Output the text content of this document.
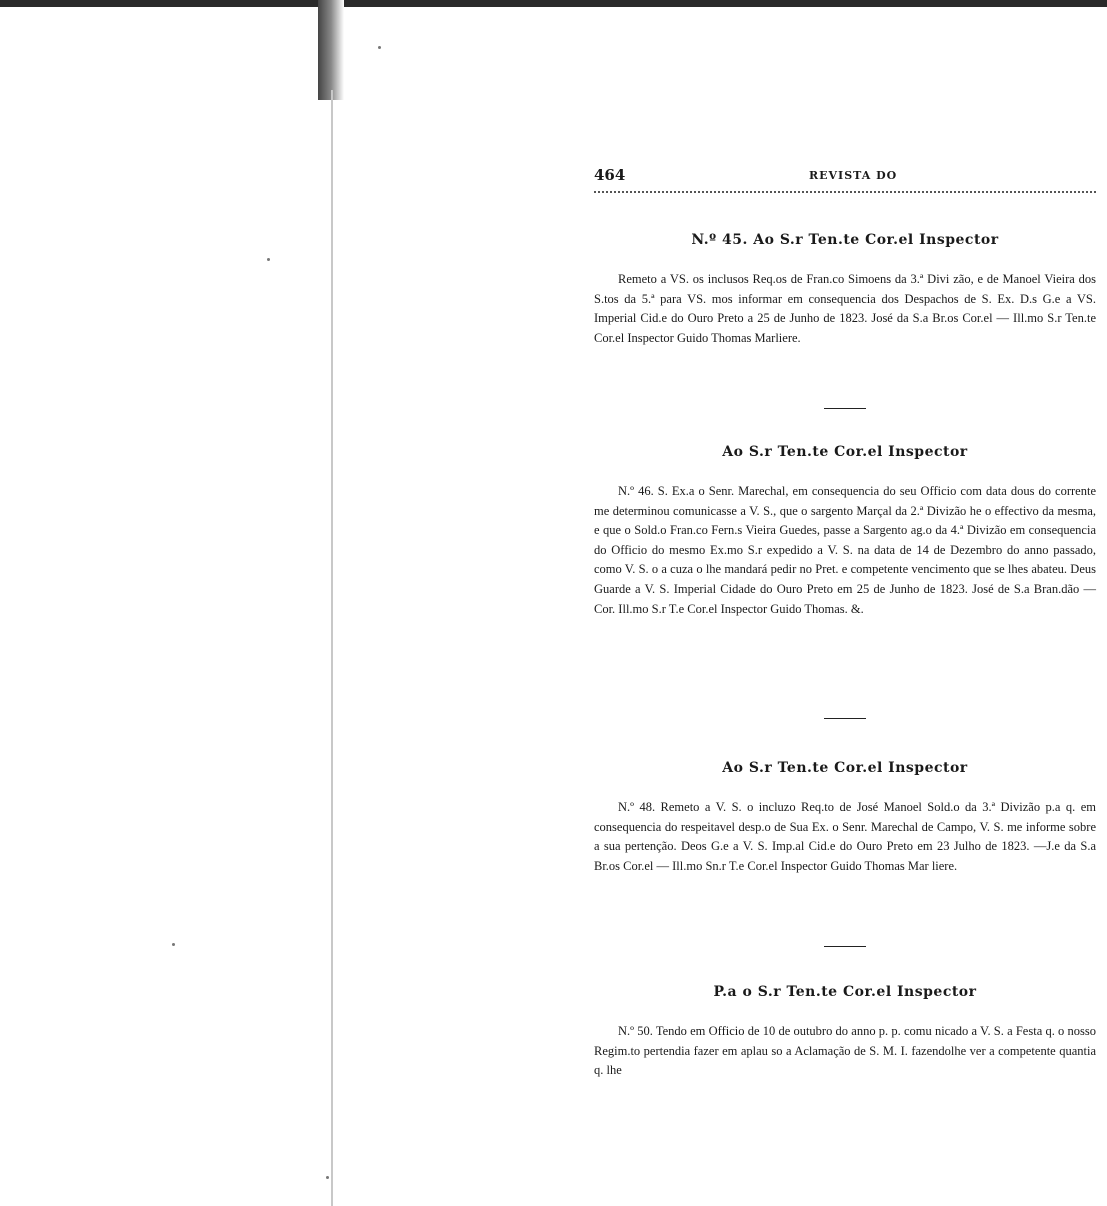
464	REVISTA DO

N.º 45. Ao S.r Ten.te Cor.el Inspector

Remeto a VS. os inclusos Req.os de Fran.co Simoens da 3.ª Divi zão, e de Manoel Vieira dos S.tos da 5.ª para VS. mos informar em consequencia dos Despachos de S. Ex. D.s G.e a VS. Imperial Cid.e do Ouro Preto a 25 de Junho de 1823. José da S.a Br.os Cor.el — Ill.mo S.r Ten.te Cor.el Inspector Guido Thomas Marliere.

Ao S.r Ten.te Cor.el Inspector

N.º 46. S. Ex.a o Senr. Marechal, em consequencia do seu Officio com data dous do corrente me determinou comunicasse a V. S., que o sargento Marçal da 2.ª Divizão he o effectivo da mesma, e que o Sold.o Fran.co Fern.s Vieira Guedes, passe a Sargento ag.o da 4.ª Divizão em consequencia do Officio do mesmo Ex.mo S.r expedido a V. S. na data de 14 de Dezembro do anno passado, como V. S. o a cuza o lhe mandará pedir no Pret. e competente vencimento que se lhes abateu. Deus Guarde a V. S. Imperial Cidade do Ouro Preto em 25 de Junho de 1823. José de S.a Bran.dão — Cor. Ill.mo S.r T.e Cor.el Inspector Guido Thomas. &.

Ao S.r Ten.te Cor.el Inspector

N.º 48. Remeto a V. S. o incluzo Req.to de José Manoel Sold.o da 3.ª Divizão p.a q. em consequencia do respeitavel desp.o de Sua Ex. o Senr. Marechal de Campo, V. S. me informe sobre a sua pertenção. Deos G.e a V. S. Imp.al Cid.e do Ouro Preto em 23 Julho de 1823. —J.e da S.a Br.os Cor.el — Ill.mo Sn.r T.e Cor.el Inspector Guido Thomas Mar liere.

P.a o S.r Ten.te Cor.el Inspector

N.º 50. Tendo em Officio de 10 de outubro do anno p. p. comu nicado a V. S. a Festa q. o nosso Regim.to pertendia fazer em aplau so a Aclamação de S. M. I. fazendolhe ver a competente quantia q. lhe
